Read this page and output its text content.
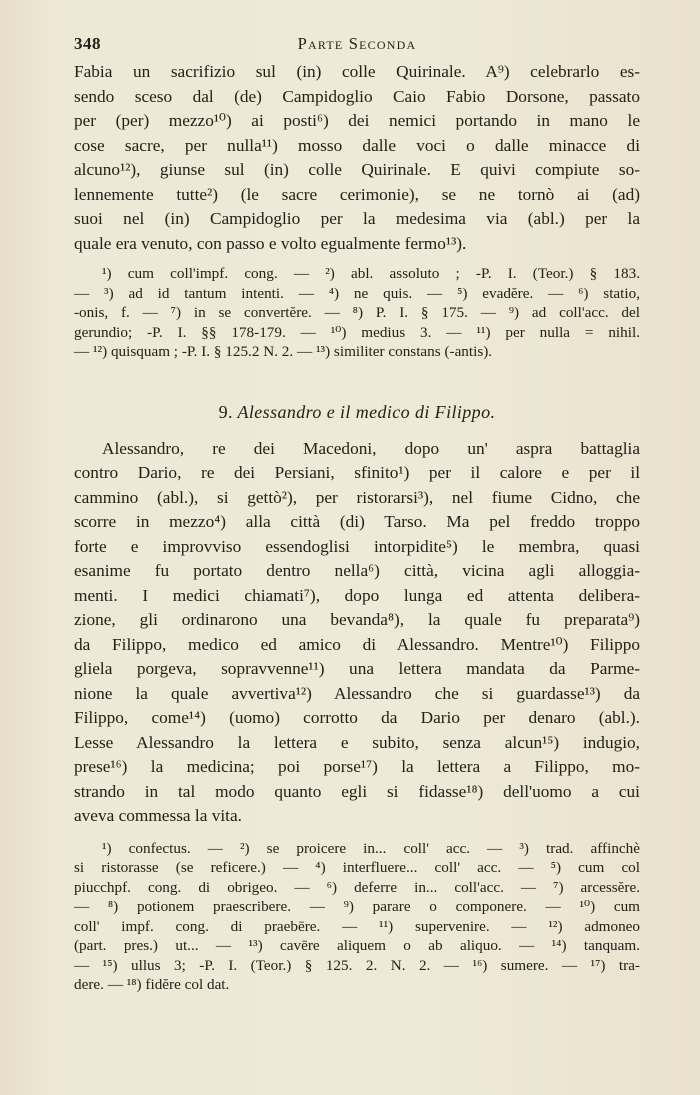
348	Parte Seconda

Fabia un sacrifizio sul (in) colle Quirinale. A⁹) celebrarlo es-
sendo sceso dal (de) Campidoglio Caio Fabio Dorsone, passato
per (per) mezzo¹⁰) ai posti⁶) dei nemici portando in mano le
cose sacre, per nulla¹¹) mosso dalle voci o dalle minacce di
alcuno¹²), giunse sul (in) colle Quirinale. E quivi compiute so-
lennemente tutte²) (le sacre cerimonie), se ne tornò ai (ad)
suoi nel (in) Campidoglio per la medesima via (abl.) per la
quale era venuto, con passo e volto egualmente fermo¹³).

¹) cum coll'impf. cong. — ²) abl. assoluto ; -P. I. (Teor.) § 183.
— ³) ad id tantum intenti. — ⁴) ne quis. — ⁵) evadĕre. — ⁶) statio,
-onis, f. — ⁷) in se convertĕre. — ⁸) P. I. § 175. — ⁹) ad coll'acc. del
gerundio; -P. I. §§ 178-179. — ¹⁰) medius 3. — ¹¹) per nulla = nihil.
— ¹²) quisquam ; -P. I. § 125.2 N. 2. — ¹³) similiter constans (-antis).
9. Alessandro e il medico di Filippo.

Alessandro, re dei Macedoni, dopo un' aspra battaglia
contro Dario, re dei Persiani, sfinito¹) per il calore e per il
cammino (abl.), si gettò²), per ristorarsi³), nel fiume Cidno, che
scorre in mezzo⁴) alla città (di) Tarso. Ma pel freddo troppo
forte e improvviso essendoglisi intorpidite⁵) le membra, quasi
esanime fu portato dentro nella⁶) città, vicina agli alloggia-
menti. I medici chiamati⁷), dopo lunga ed attenta delibera-
zione, gli ordinarono una bevanda⁸), la quale fu preparata⁹)
da Filippo, medico ed amico di Alessandro. Mentre¹⁰) Filippo
gliela porgeva, sopravvenne¹¹) una lettera mandata da Parme-
nione la quale avvertiva¹²) Alessandro che si guardasse¹³) da
Filippo, come¹⁴) (uomo) corrotto da Dario per denaro (abl.).
Lesse Alessandro la lettera e subito, senza alcun¹⁵) indugio,
prese¹⁶) la medicina; poi porse¹⁷) la lettera a Filippo, mo-
strando in tal modo quanto egli si fidasse¹⁸) dell'uomo a cui
aveva commessa la vita.

¹) confectus. — ²) se proicere in... coll' acc. — ³) trad. affinchè
si ristorasse (se reficere.) — ⁴) interfluere... coll' acc. — ⁵) cum col
piucchpf. cong. di obrigeo. — ⁶) deferre in... coll'acc. — ⁷) arcessĕre.
— ⁸) potionem praescribere. — ⁹) parare o componere. — ¹⁰) cum
coll' impf. cong. di praebēre. — ¹¹) supervenire. — ¹²) admoneo
(part. pres.) ut... — ¹³) cavēre aliquem o ab aliquo. — ¹⁴) tanquam.
— ¹⁵) ullus 3; -P. I. (Teor.) § 125. 2. N. 2. — ¹⁶) sumere. — ¹⁷) tra-
dere. — ¹⁸) fidĕre col dat.
